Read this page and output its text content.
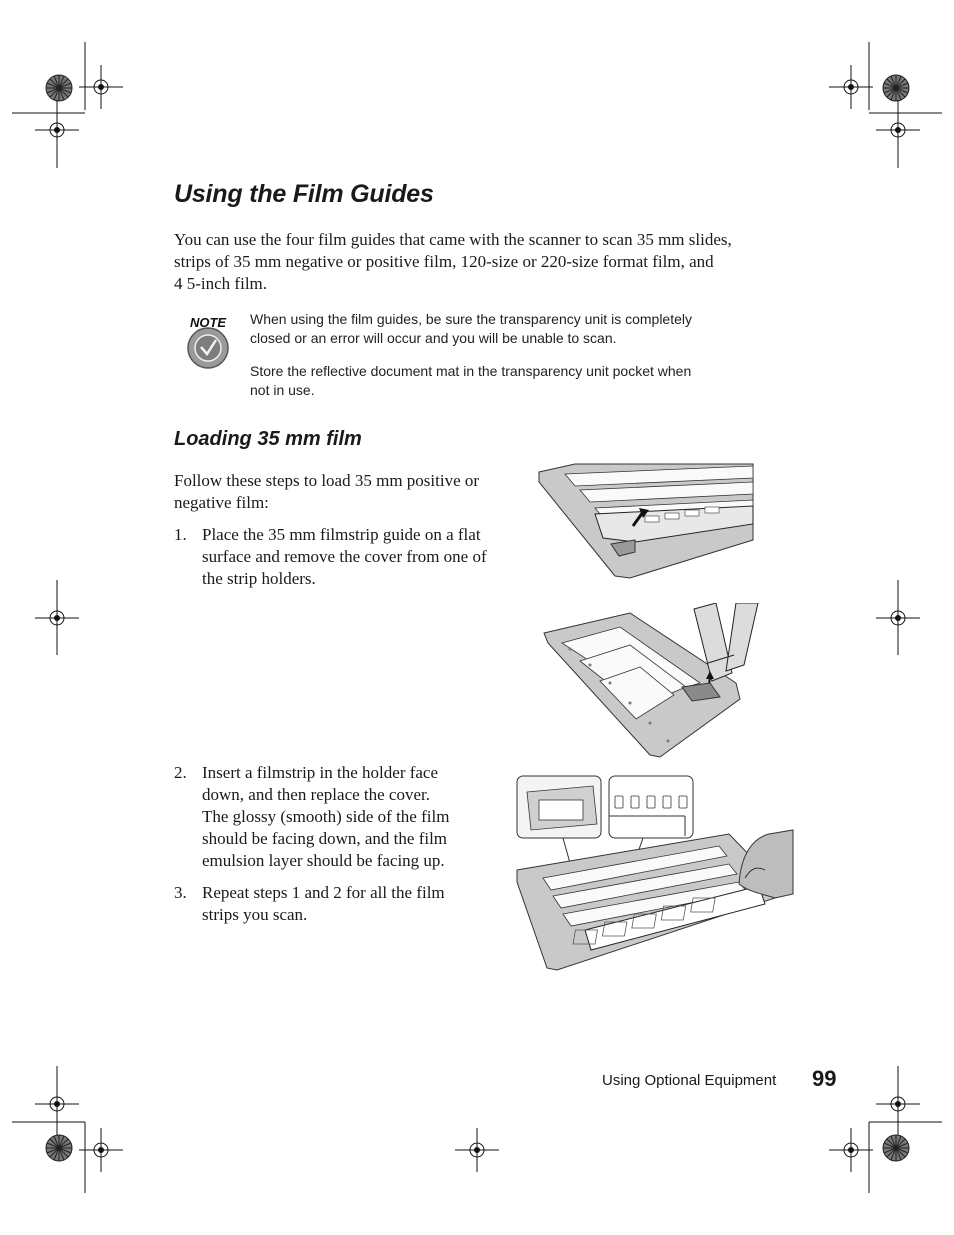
Using the Film Guides
You can use the four film guides that came with the scanner to scan 35 mm slides,
strips of 35 mm negative or positive film, 120-size or 220-size format film, and
4 5-inch film.
NOTE When using the film guides, be sure the transparency unit is completely
closed or an error will occur and you will be unable to scan.
Store the reflective document mat in the transparency unit pocket when
not in use.
Loading 35 mm film
Follow these steps to load 35 mm positive or
negative film:
1. Place the 35 mm filmstrip guide on a flat
surface and remove the cover from one of
the strip holders.
2. Insert a filmstrip in the holder face
down, and then replace the cover.
The glossy (smooth) side of the film
should be facing down, and the film
emulsion layer should be facing up.
3. Repeat steps 1 and 2 for all the film
strips you scan.
Using Optional Equipment 99
